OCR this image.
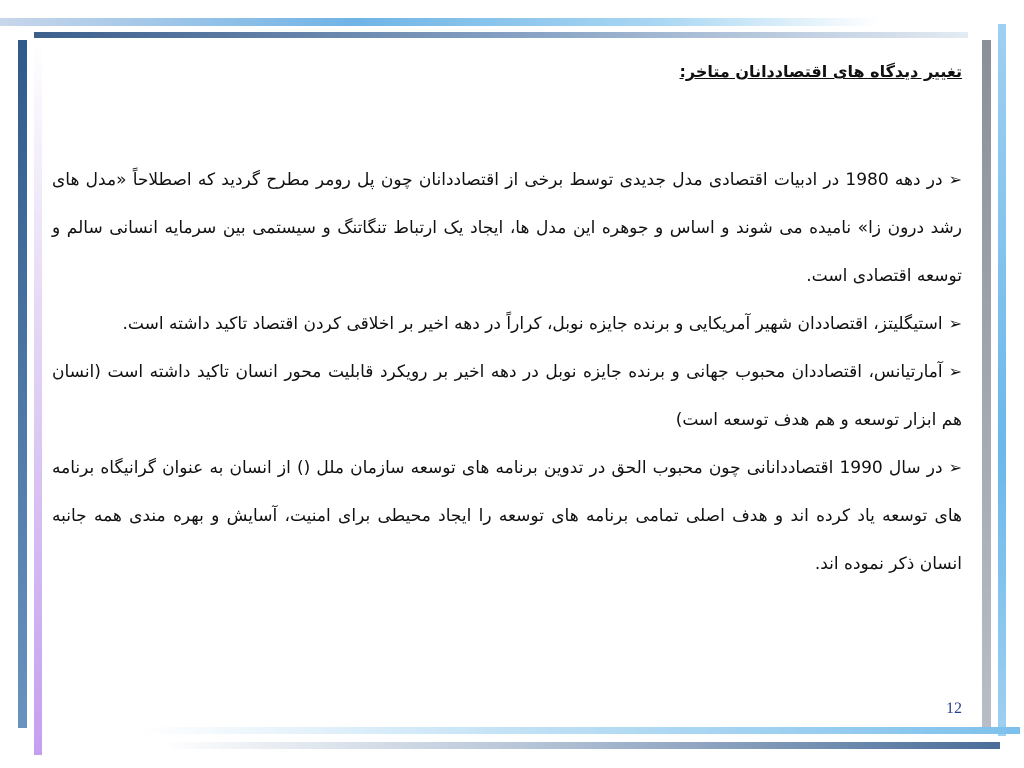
تغییر دیدگاه های اقتصاددانان متاخر:

➢در دهه 1980 در ادبیات اقتصادی مدل جدیدی توسط برخی از اقتصاددانان چون پل رومر مطرح گردید که اصطلاحاً «مدل های رشد درون زا» نامیده می شوند و اساس و جوهره این مدل ها، ایجاد یک ارتباط تنگاتنگ و سیستمی بین سرمایه انسانی سالم و توسعه اقتصادی است.

➢استیگلیتز، اقتصاددان شهیر آمریکایی و برنده جایزه نوبل، کراراً در دهه اخیر بر اخلاقی کردن اقتصاد تاکید داشته است.

➢آمارتیانس، اقتصاددان محبوب جهانی و برنده جایزه نوبل در دهه اخیر بر رویکرد قابلیت محور انسان تاکید داشته است (انسان هم ابزار توسعه و هم هدف توسعه است)

➢در سال 1990 اقتصاددانانی چون محبوب الحق در تدوین برنامه های توسعه سازمان ملل () از انسان به عنوان گرانیگاه برنامه های توسعه یاد کرده اند و هدف اصلی تمامی برنامه های توسعه را ایجاد محیطی برای امنیت، آسایش و بهره مندی همه جانبه انسان ذکر نموده اند.

12
